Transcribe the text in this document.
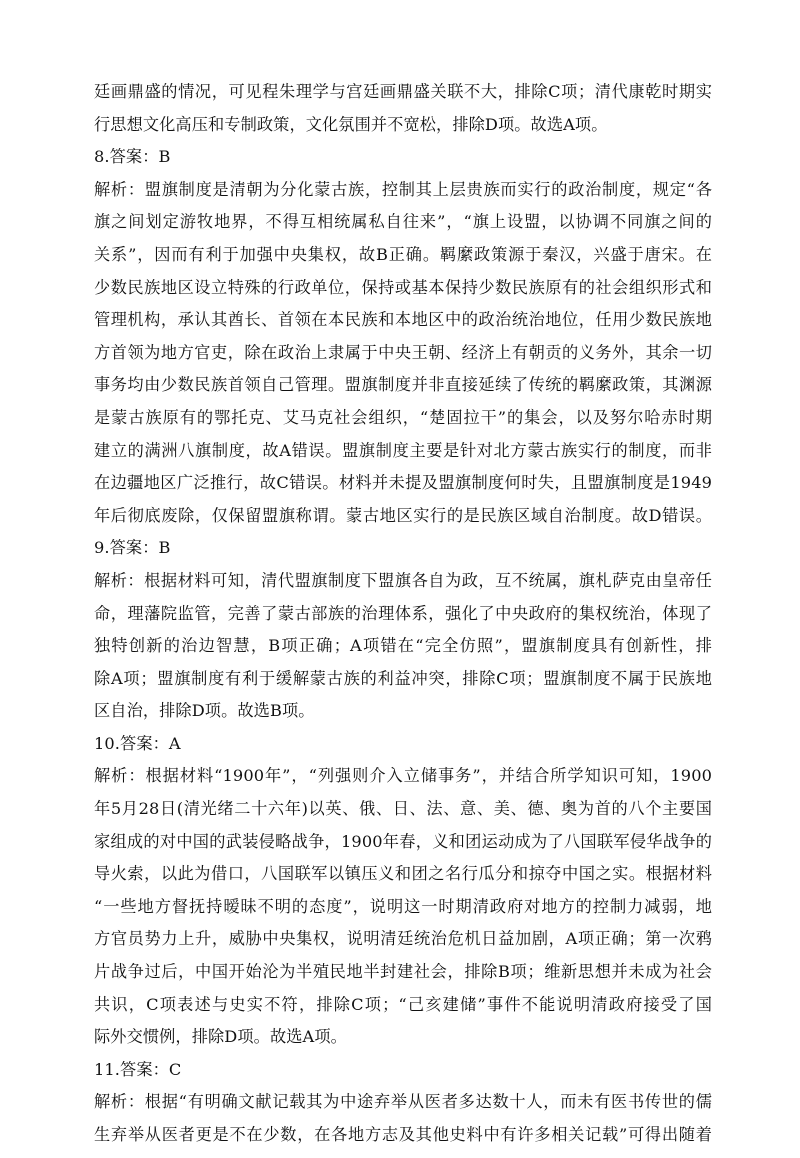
廷画鼎盛的情况，可见程朱理学与宫廷画鼎盛关联不大，排除C项；清代康乾时期实
行思想文化高压和专制政策，文化氛围并不宽松，排除D项。故选A项。
8.答案：B
解析：盟旗制度是清朝为分化蒙古族，控制其上层贵族而实行的政治制度，规定“各
旗之间划定游牧地界，不得互相统属私自往来”，“旗上设盟，以协调不同旗之间的
关系”，因而有利于加强中央集权，故B正确。羁縻政策源于秦汉，兴盛于唐宋。在
少数民族地区设立特殊的行政单位，保持或基本保持少数民族原有的社会组织形式和
管理机构，承认其酋长、首领在本民族和本地区中的政治统治地位，任用少数民族地
方首领为地方官吏，除在政治上隶属于中央王朝、经济上有朝贡的义务外，其余一切
事务均由少数民族首领自己管理。盟旗制度并非直接延续了传统的羁縻政策，其渊源
是蒙古族原有的鄂托克、艾马克社会组织，“楚固拉干”的集会，以及努尔哈赤时期
建立的满洲八旗制度，故A错误。盟旗制度主要是针对北方蒙古族实行的制度，而非
在边疆地区广泛推行，故C错误。材料并未提及盟旗制度何时失，且盟旗制度是1949
年后彻底废除，仅保留盟旗称谓。蒙古地区实行的是民族区域自治制度。故D错误。
9.答案：B
解析：根据材料可知，清代盟旗制度下盟旗各自为政，互不统属，旗札萨克由皇帝任
命，理藩院监管，完善了蒙古部族的治理体系，强化了中央政府的集权统治，体现了
独特创新的治边智慧，B项正确；A项错在“完全仿照”，盟旗制度具有创新性，排
除A项；盟旗制度有利于缓解蒙古族的利益冲突，排除C项；盟旗制度不属于民族地
区自治，排除D项。故选B项。
10.答案：A
解析：根据材料“1900年”，“列强则介入立储事务”，并结合所学知识可知，1900
年5月28日(清光绪二十六年)以英、俄、日、法、意、美、德、奥为首的八个主要国
家组成的对中国的武装侵略战争，1900年春，义和团运动成为了八国联军侵华战争的
导火索，以此为借口，八国联军以镇压义和团之名行瓜分和掠夺中国之实。根据材料
“一些地方督抚持暧昧不明的态度”，说明这一时期清政府对地方的控制力减弱，地
方官员势力上升，威胁中央集权，说明清廷统治危机日益加剧，A项正确；第一次鸦
片战争过后，中国开始沦为半殖民地半封建社会，排除B项；维新思想并未成为社会
共识，C项表述与史实不符，排除C项；“己亥建储”事件不能说明清政府接受了国
际外交惯例，排除D项。故选A项。
11.答案：C
解析：根据“有明确文献记载其为中途弃举从医者多达数十人，而未有医书传世的儒
生弃举从医者更是不在少数，在各地方志及其他史料中有许多相关记载”可得出随着
